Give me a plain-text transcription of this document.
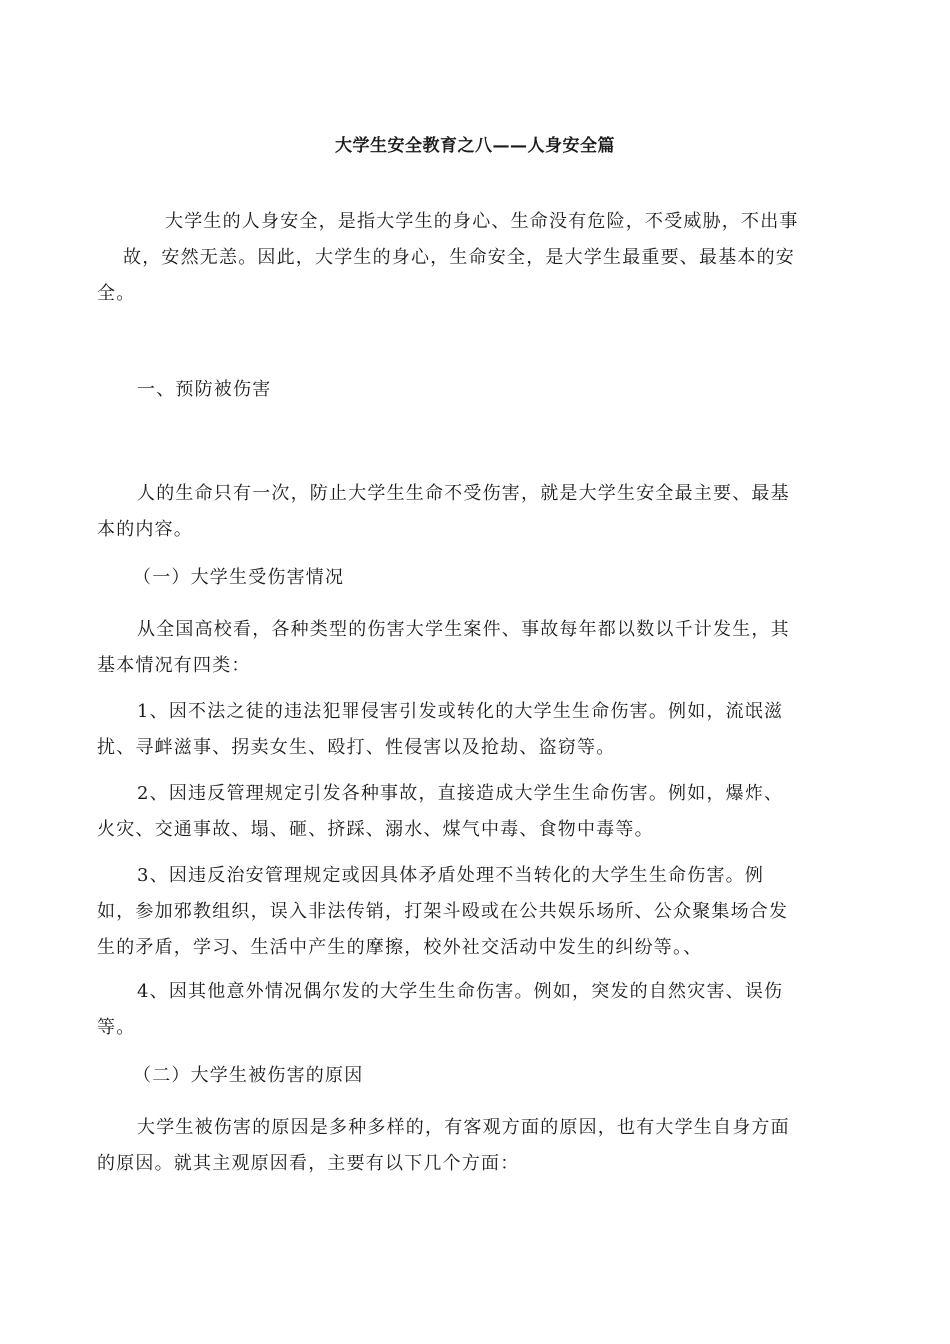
大学生安全教育之八——人身安全篇
大学生的人身安全，是指大学生的身心、生命没有危险，不受威胁，不出事
故，安然无恙。因此，大学生的身心，生命安全，是大学生最重要、最基本的安
全。
一、预防被伤害
人的生命只有一次，防止大学生生命不受伤害，就是大学生安全最主要、最基
本的内容。
（一）大学生受伤害情况
从全国高校看，各种类型的伤害大学生案件、事故每年都以数以千计发生，其
基本情况有四类：
1、因不法之徒的违法犯罪侵害引发或转化的大学生生命伤害。例如，流氓滋
扰、寻衅滋事、拐卖女生、殴打、性侵害以及抢劫、盗窃等。
2、因违反管理规定引发各种事故，直接造成大学生生命伤害。例如，爆炸、
火灾、交通事故、塌、砸、挤踩、溺水、煤气中毒、食物中毒等。
3、因违反治安管理规定或因具体矛盾处理不当转化的大学生生命伤害。例
如，参加邪教组织，误入非法传销，打架斗殴或在公共娱乐场所、公众聚集场合发
生的矛盾，学习、生活中产生的摩擦，校外社交活动中发生的纠纷等。、
4、因其他意外情况偶尔发的大学生生命伤害。例如，突发的自然灾害、误伤
等。
（二）大学生被伤害的原因
大学生被伤害的原因是多种多样的，有客观方面的原因，也有大学生自身方面
的原因。就其主观原因看，主要有以下几个方面：
